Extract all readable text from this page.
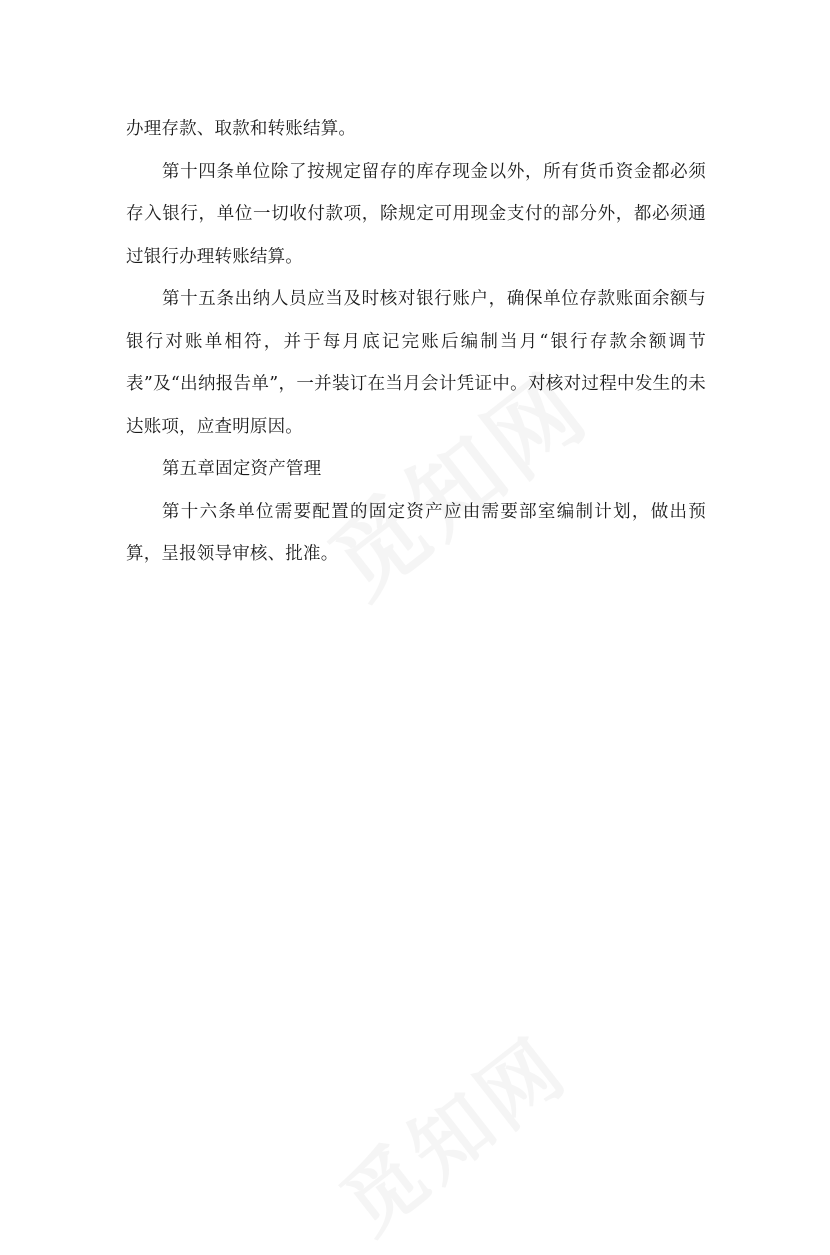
办理存款、取款和转账结算。

第十四条单位除了按规定留存的库存现金以外，所有货币资金都必须存入银行，单位一切收付款项，除规定可用现金支付的部分外，都必须通过银行办理转账结算。

第十五条出纳人员应当及时核对银行账户，确保单位存款账面余额与银行对账单相符，并于每月底记完账后编制当月“银行存款余额调节表”及“出纳报告单”，一并装订在当月会计凭证中。对核对过程中发生的未达账项，应查明原因。

第五章固定资产管理

第十六条单位需要配置的固定资产应由需要部室编制计划，做出预算，呈报领导审核、批准。
